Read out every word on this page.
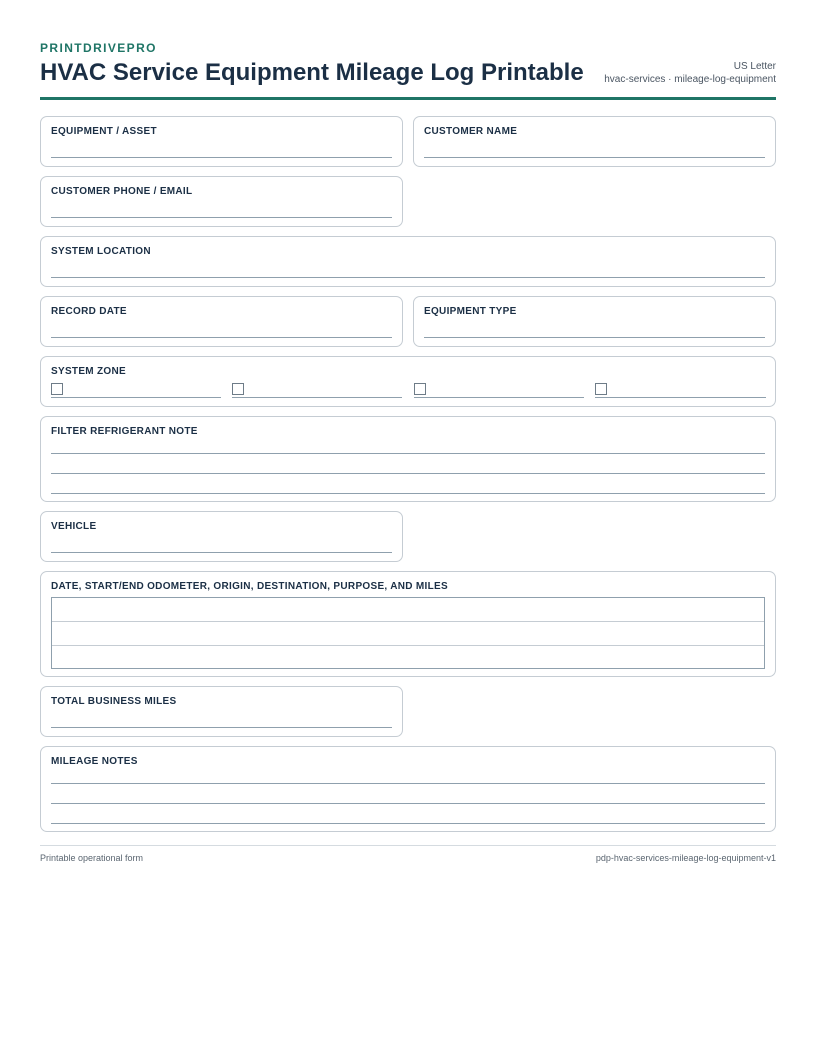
PRINTDRIVEPRO
HVAC Service Equipment Mileage Log Printable	US Letter
hvac-services · mileage-log-equipment
EQUIPMENT / ASSET	CUSTOMER NAME
CUSTOMER PHONE / EMAIL
SYSTEM LOCATION
RECORD DATE	EQUIPMENT TYPE
SYSTEM ZONE
FILTER REFRIGERANT NOTE
VEHICLE
DATE, START/END ODOMETER, ORIGIN, DESTINATION, PURPOSE, AND MILES
TOTAL BUSINESS MILES
MILEAGE NOTES
Printable operational form	pdp-hvac-services-mileage-log-equipment-v1
